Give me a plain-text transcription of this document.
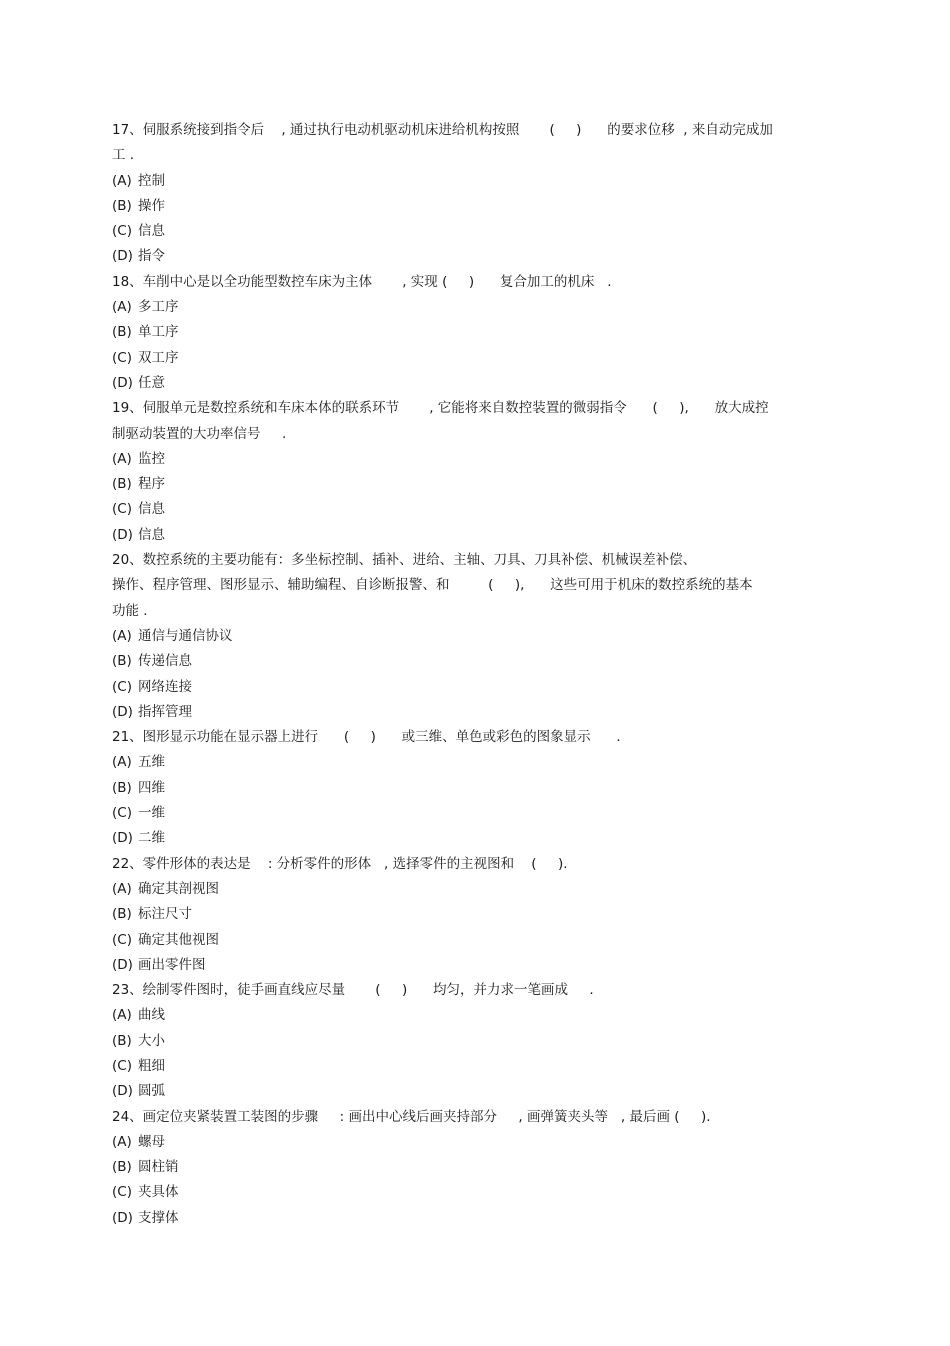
17、伺服系统接到指令后    , 通过执行电动机驱动机床进给机构按照       (     )      的要求位移  , 来自动完成加
工 .
(A) 控制
(B) 操作
(C) 信息
(D) 指令
18、车削中心是以全功能型数控车床为主体       , 实现 (     )      复合加工的机床   .
(A) 多工序
(B) 单工序
(C) 双工序
(D) 任意
19、伺服单元是数控系统和车床本体的联系环节       , 它能将来自数控装置的微弱指令      (     ),      放大成控
制驱动装置的大功率信号     .
(A) 监控
(B) 程序
(C) 信息
(D) 信息
20、数控系统的主要功能有：多坐标控制、插补、进给、主轴、刀具、刀具补偿、机械误差补偿、
操作、程序管理、图形显示、辅助编程、自诊断报警、和         (     ),      这些可用于机床的数控系统的基本
功能 .
(A) 通信与通信协议
(B) 传递信息
(C) 网络连接
(D) 指挥管理
21、图形显示功能在显示器上进行      (     )      或三维、单色或彩色的图象显示      .
(A) 五维
(B) 四维
(C) 一维
(D) 二维
22、零件形体的表达是    : 分析零件的形体   , 选择零件的主视图和    (     ).
(A) 确定其剖视图
(B) 标注尺寸
(C) 确定其他视图
(D) 画出零件图
23、绘制零件图时，徒手画直线应尽量       (     )      均匀，并力求一笔画成     .
(A) 曲线
(B) 大小
(C) 粗细
(D) 圆弧
24、画定位夹紧装置工装图的步骤     : 画出中心线后画夹持部分     , 画弹簧夹头等   , 最后画 (     ).
(A) 螺母
(B) 圆柱销
(C) 夹具体
(D) 支撑体
